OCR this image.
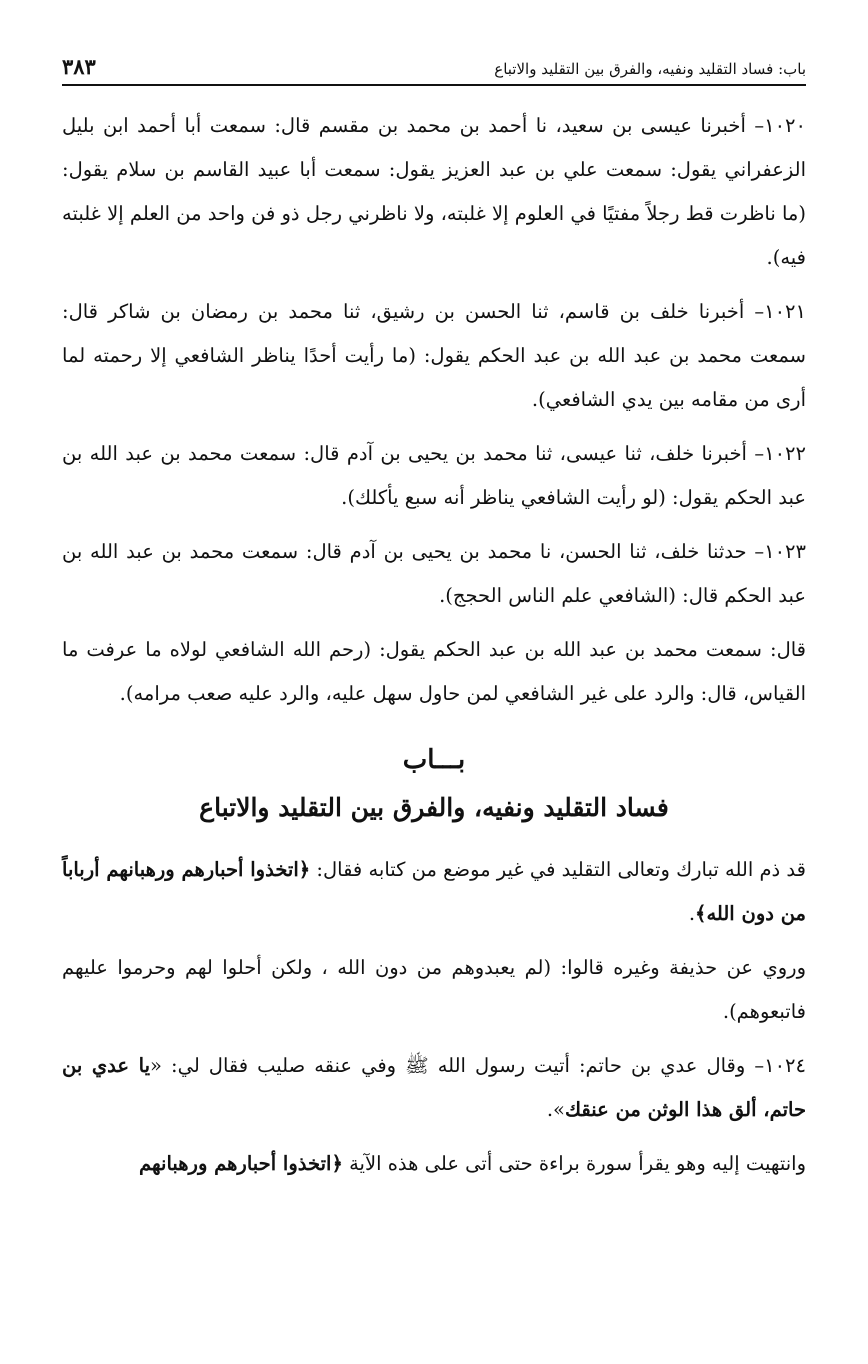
باب: فساد التقليد ونفيه، والفرق بين التقليد والاتباع
٣٨٣

١٠٢٠– أخبرنا عيسى بن سعيد، نا أحمد بن محمد بن مقسم قال: سمعت أبا أحمد ابن بليل الزعفراني يقول: سمعت علي بن عبد العزيز يقول: سمعت أبا عبيد القاسم بن سلام يقول: (ما ناظرت قط رجلاً مفتيًا في العلوم إلا غلبته، ولا ناظرني رجل ذو فن واحد من العلم إلا غلبته فيه).

١٠٢١– أخبرنا خلف بن قاسم، ثنا الحسن بن رشيق، ثنا محمد بن رمضان بن شاكر قال: سمعت محمد بن عبد الله بن عبد الحكم يقول: (ما رأيت أحدًا يناظر الشافعي إلا رحمته لما أرى من مقامه بين يدي الشافعي).

١٠٢٢– أخبرنا خلف، ثنا عيسى، ثنا محمد بن يحيى بن آدم قال: سمعت محمد بن عبد الله بن عبد الحكم يقول: (لو رأيت الشافعي يناظر أنه سبع يأكلك).

١٠٢٣– حدثنا خلف، ثنا الحسن، نا محمد بن يحيى بن آدم قال: سمعت محمد بن عبد الله بن عبد الحكم قال: (الشافعي علم الناس الحجج).

قال: سمعت محمد بن عبد الله بن عبد الحكم يقول: (رحم الله الشافعي لولاه ما عرفت ما القياس، قال: والرد على غير الشافعي لمن حاول سهل عليه، والرد عليه صعب مرامه).

بـــاب
فساد التقليد ونفيه، والفرق بين التقليد والاتباع

قد ذم الله تبارك وتعالى التقليد في غير موضع من كتابه فقال: ﴿اتخذوا أحبارهم ورهبانهم أرباباً من دون الله﴾.

وروي عن حذيفة وغيره قالوا: (لم يعبدوهم من دون الله ، ولكن أحلوا لهم وحرموا عليهم فاتبعوهم).

١٠٢٤– وقال عدي بن حاتم: أتيت رسول الله ﷺ وفي عنقه صليب فقال لي: «يا عدي بن حاتم، ألق هذا الوثن من عنقك».

وانتهيت إليه وهو يقرأ سورة براءة حتى أتى على هذه الآية ﴿اتخذوا أحبارهم ورهبانهم
